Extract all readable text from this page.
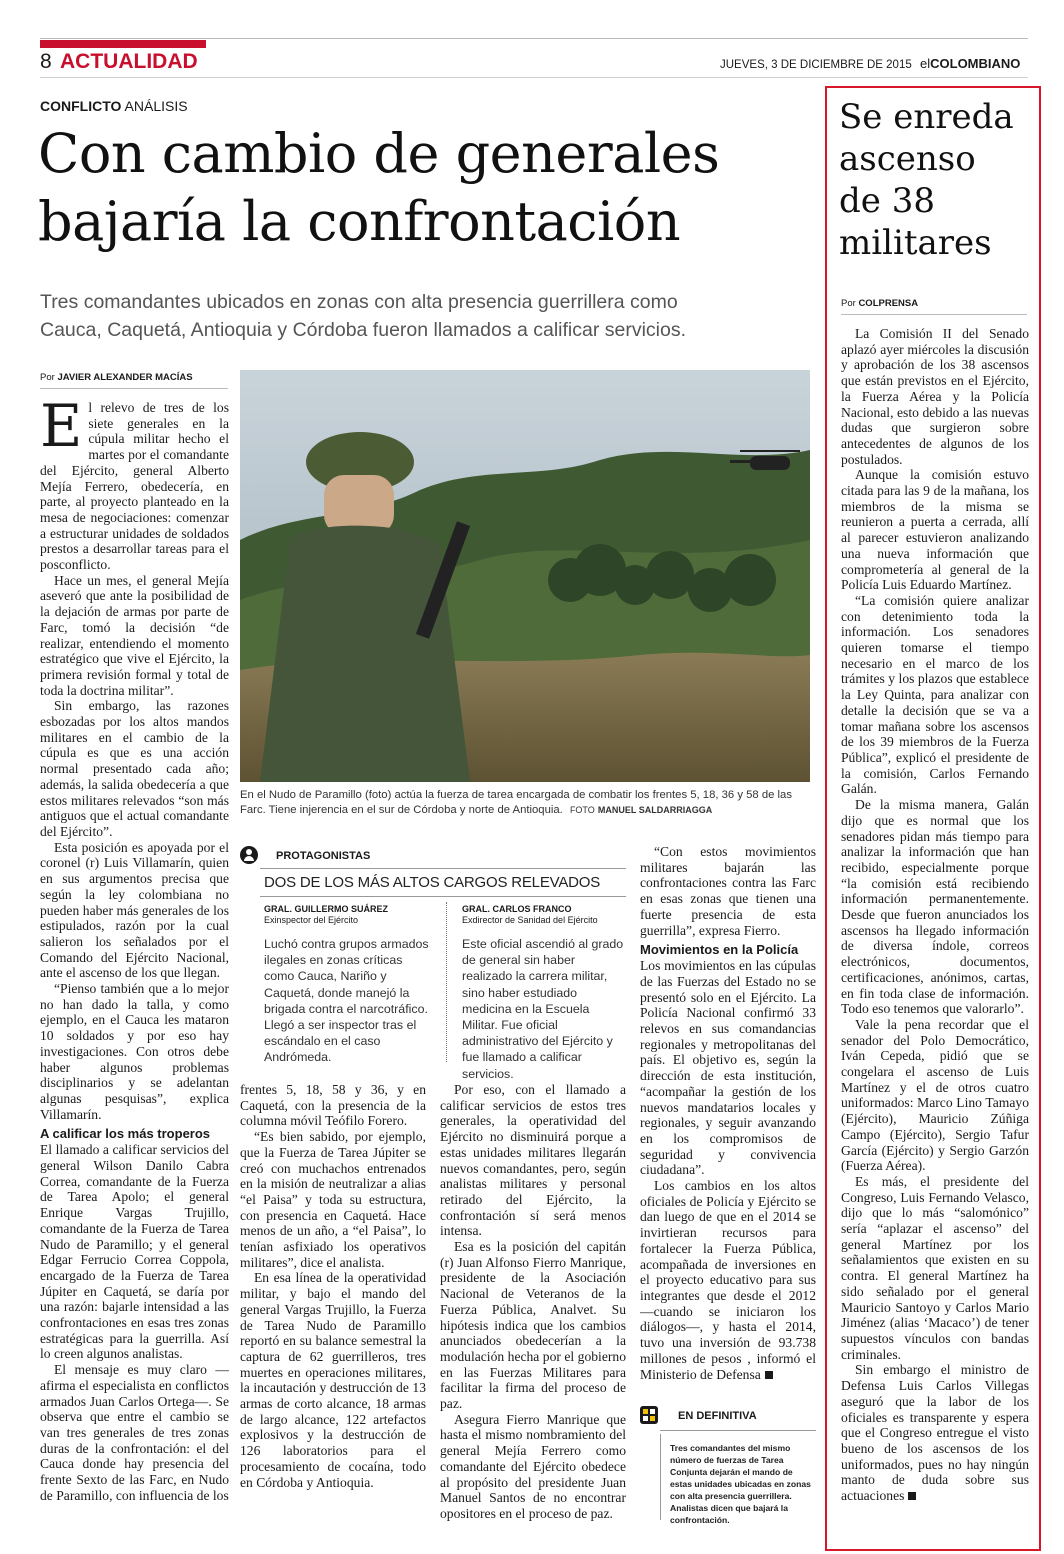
8 ACTUALIDAD	JUEVES, 3 DE DICIEMBRE DE 2015 elCOLOMBIANO
CONFLICTO ANÁLISIS
Con cambio de generales
bajaría la confrontación
Tres comandantes ubicados en zonas con alta presencia guerrillera como
Cauca, Caquetá, Antioquia y Córdoba fueron llamados a calificar servicios.
Por JAVIER ALEXANDER MACÍAS
En el Nudo de Paramillo (foto) actúa la fuerza de tarea encargada de combatir los frentes 5, 18, 36 y 58 de las Farc. Tiene injerencia en el sur de Córdoba y norte de Antioquia. FOTO MANUEL SALDARRIAGGA

El relevo de tres de los siete generales en la cúpula militar hecho el martes por el comandante del Ejército, general Alberto Mejía Ferrero, obedecería, en parte, al proyecto planteado en la mesa de negociaciones: comenzar a estructurar unidades de soldados prestos a desarrollar tareas para el posconflicto.

Hace un mes, el general Mejía aseveró que ante la posibilidad de la dejación de armas por parte de Farc, tomó la decisión “de realizar, entendiendo el momento estratégico que vive el Ejército, la primera revisión formal y total de toda la doctrina militar”.

Sin embargo, las razones esbozadas por los altos mandos militares en el cambio de la cúpula es que es una acción normal presentado cada año; además, la salida obedecería a que estos militares relevados “son más antiguos que el actual comandante del Ejército”.

Esta posición es apoyada por el coronel (r) Luis Villamarín, quien en sus argumentos precisa que según la ley colombiana no pueden haber más generales de los estipulados, razón por la cual salieron los señalados por el Comando del Ejército Nacional, ante el ascenso de los que llegan.

“Pienso también que a lo mejor no han dado la talla, y como ejemplo, en el Cauca les mataron 10 soldados y por eso hay investigaciones. Con otros debe haber algunos problemas disciplinarios y se adelantan algunas pesquisas”, explica Villamarín.

A calificar los más troperos

El llamado a calificar servicios del general Wilson Danilo Cabra Correa, comandante de la Fuerza de Tarea Apolo; el general Enrique Vargas Trujillo, comandante de la Fuerza de Tarea Nudo de Paramillo; y el general Edgar Ferrucio Correa Coppola, encargado de la Fuerza de Tarea Júpiter en Caquetá, se daría por una razón: bajarle intensidad a las confrontaciones en esas tres zonas estratégicas para la guerrilla. Así lo creen algunos analistas.

El mensaje es muy claro —afirma el especialista en conflictos armados Juan Carlos Ortega—. Se observa que entre el cambio se van tres generales de tres zonas duras de la confrontación: el del Cauca donde hay presencia del frente Sexto de las Farc, en Nudo de Paramillo, con influencia de los

PROTAGONISTAS
DOS DE LOS MÁS ALTOS CARGOS RELEVADOS
GRAL. GUILLERMO SUÁREZ
Exinspector del Ejército
Luchó contra grupos armados ilegales en zonas críticas como Cauca, Nariño y Caquetá, donde manejó la brigada contra el narcotráfico. Llegó a ser inspector tras el escándalo en el caso Andrómeda.
GRAL. CARLOS FRANCO
Exdirector de Sanidad del Ejército
Este oficial ascendió al grado de general sin haber realizado la carrera militar, sino haber estudiado medicina en la Escuela Militar. Fue oficial administrativo del Ejército y fue llamado a calificar servicios.

frentes 5, 18, 58 y 36, y en Caquetá, con la presencia de la columna móvil Teófilo Forero.

“Es bien sabido, por ejemplo, que la Fuerza de Tarea Júpiter se creó con muchachos entrenados en la misión de neutralizar a alias “el Paisa” y toda su estructura, con presencia en Caquetá. Hace menos de un año, a “el Paisa”, lo tenían asfixiado los operativos militares”, dice el analista.

En esa línea de la operatividad militar, y bajo el mando del general Vargas Trujillo, la Fuerza de Tarea Nudo de Paramillo reportó en su balance semestral la captura de 62 guerrilleros, tres muertes en operaciones militares, la incautación y destrucción de 13 armas de corto alcance, 18 armas de largo alcance, 122 artefactos explosivos y la destrucción de 126 laboratorios para el procesamiento de cocaína, todo en Córdoba y Antioquia.

Por eso, con el llamado a calificar servicios de estos tres generales, la operatividad del Ejército no disminuirá porque a estas unidades militares llegarán nuevos comandantes, pero, según analistas militares y personal retirado del Ejército, la confrontación sí será menos intensa.

Esa es la posición del capitán (r) Juan Alfonso Fierro Manrique, presidente de la Asociación Nacional de Veteranos de la Fuerza Pública, Analvet. Su hipótesis indica que los cambios anunciados obedecerían a la modulación hecha por el gobierno en las Fuerzas Militares para facilitar la firma del proceso de paz.

Asegura Fierro Manrique que hasta el mismo nombramiento del general Mejía Ferrero como comandante del Ejército obedece al propósito del presidente Juan Manuel Santos de no encontrar opositores en el proceso de paz.

“Con estos movimientos militares bajarán las confrontaciones contra las Farc en esas zonas que tienen una fuerte presencia de esta guerrilla”, expresa Fierro.

Movimientos en la Policía

Los movimientos en las cúpulas de las Fuerzas del Estado no se presentó solo en el Ejército. La Policía Nacional confirmó 33 relevos en sus comandancias regionales y metropolitanas del país. El objetivo es, según la dirección de esta institución, “acompañar la gestión de los nuevos mandatarios locales y regionales, y seguir avanzando en los compromisos de seguridad y convivencia ciudadana”.

Los cambios en los altos oficiales de Policía y Ejército se dan luego de que en el 2014 se invirtieran recursos para fortalecer la Fuerza Pública, acompañada de inversiones en el proyecto educativo para sus integrantes que desde el 2012 —cuando se iniciaron los diálogos—, y hasta el 2014, tuvo una inversión de 93.738 millones de pesos , informó el Ministerio de Defensa

EN DEFINITIVA
Tres comandantes del mismo número de fuerzas de Tarea Conjunta dejarán el mando de estas unidades ubicadas en zonas con alta presencia guerrillera. Analistas dicen que bajará la confrontación.
Se enreda
ascenso
de 38
militares
Por COLPRENSA

La Comisión II del Senado aplazó ayer miércoles la discusión y aprobación de los 38 ascensos que están previstos en el Ejército, la Fuerza Aérea y la Policía Nacional, esto debido a las nuevas dudas que surgieron sobre antecedentes de algunos de los postulados.

Aunque la comisión estuvo citada para las 9 de la mañana, los miembros de la misma se reunieron a puerta a cerrada, allí al parecer estuvieron analizando una nueva información que comprometería al general de la Policía Luis Eduardo Martínez.

“La comisión quiere analizar con detenimiento toda la información. Los senadores quieren tomarse el tiempo necesario en el marco de los trámites y los plazos que establece la Ley Quinta, para analizar con detalle la decisión que se va a tomar mañana sobre los ascensos de los 39 miembros de la Fuerza Pública”, explicó el presidente de la comisión, Carlos Fernando Galán.

De la misma manera, Galán dijo que es normal que los senadores pidan más tiempo para analizar la información que han recibido, especialmente porque “la comisión está recibiendo información permanentemente. Desde que fueron anunciados los ascensos ha llegado información de diversa índole, correos electrónicos, documentos, certificaciones, anónimos, cartas, en fin toda clase de información. Todo eso tenemos que valorarlo”.

Vale la pena recordar que el senador del Polo Democrático, Iván Cepeda, pidió que se congelara el ascenso de Luis Martínez y el de otros cuatro uniformados: Marco Lino Tamayo (Ejército), Mauricio Zúñiga Campo (Ejército), Sergio Tafur García (Ejército) y Sergio Garzón (Fuerza Aérea).

Es más, el presidente del Congreso, Luis Fernando Velasco, dijo que lo más “salomónico” sería “aplazar el ascenso” del general Martínez por los señalamientos que existen en su contra. El general Martínez ha sido señalado por el general Mauricio Santoyo y Carlos Mario Jiménez (alias ‘Macaco’) de tener supuestos vínculos con bandas criminales.

Sin embargo el ministro de Defensa Luis Carlos Villegas aseguró que la labor de los oficiales es transparente y espera que el Congreso entregue el visto bueno de los ascensos de los uniformados, pues no hay ningún manto de duda sobre sus actuaciones
